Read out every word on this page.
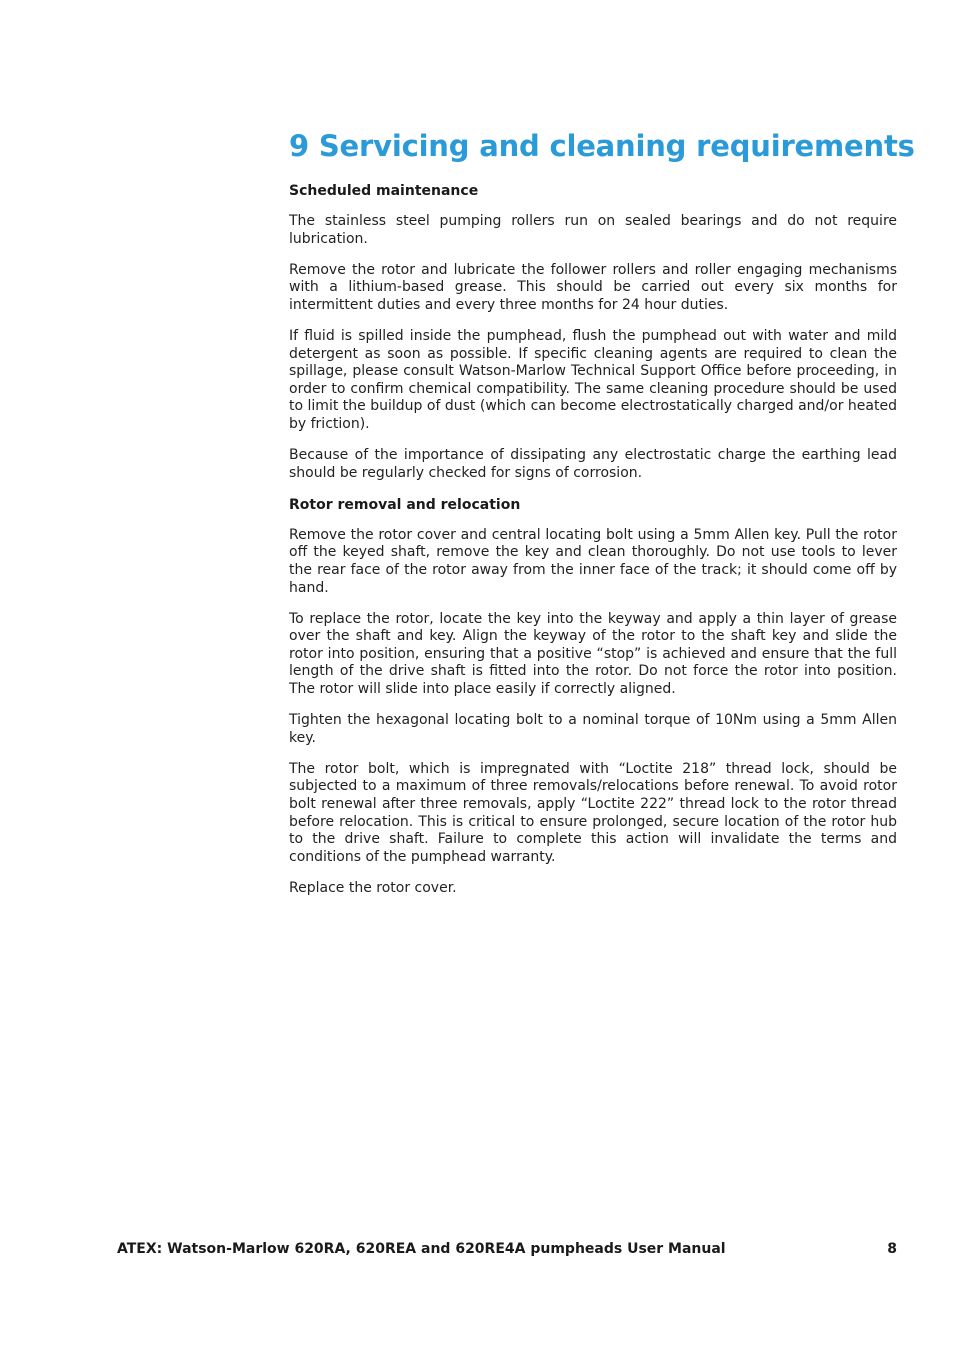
9 Servicing and cleaning requirements
Scheduled maintenance

The stainless steel pumping rollers run on sealed bearings and do not require lubrication.

Remove the rotor and lubricate the follower rollers and roller engaging mechanisms with a lithium-based grease. This should be carried out every six months for intermittent duties and every three months for 24 hour duties.

If fluid is spilled inside the pumphead, flush the pumphead out with water and mild detergent as soon as possible. If specific cleaning agents are required to clean the spillage, please consult Watson-Marlow Technical Support Office before proceeding, in order to confirm chemical compatibility. The same cleaning procedure should be used to limit the buildup of dust (which can become electrostatically charged and/or heated by friction).

Because of the importance of dissipating any electrostatic charge the earthing lead should be regularly checked for signs of corrosion.

Rotor removal and relocation

Remove the rotor cover and central locating bolt using a 5mm Allen key. Pull the rotor off the keyed shaft, remove the key and clean thoroughly. Do not use tools to lever the rear face of the rotor away from the inner face of the track; it should come off by hand.

To replace the rotor, locate the key into the keyway and apply a thin layer of grease over the shaft and key. Align the keyway of the rotor to the shaft key and slide the rotor into position, ensuring that a positive “stop” is achieved and ensure that the full length of the drive shaft is fitted into the rotor. Do not force the rotor into position. The rotor will slide into place easily if correctly aligned.

Tighten the hexagonal locating bolt to a nominal torque of 10Nm using a 5mm Allen key.

The rotor bolt, which is impregnated with “Loctite 218” thread lock, should be subjected to a maximum of three removals/relocations before renewal. To avoid rotor bolt renewal after three removals, apply “Loctite 222” thread lock to the rotor thread before relocation. This is critical to ensure prolonged, secure location of the rotor hub to the drive shaft. Failure to complete this action will invalidate the terms and conditions of the pumphead warranty.

Replace the rotor cover.

ATEX: Watson-Marlow 620RA, 620REA and 620RE4A pumpheads User Manual	8
